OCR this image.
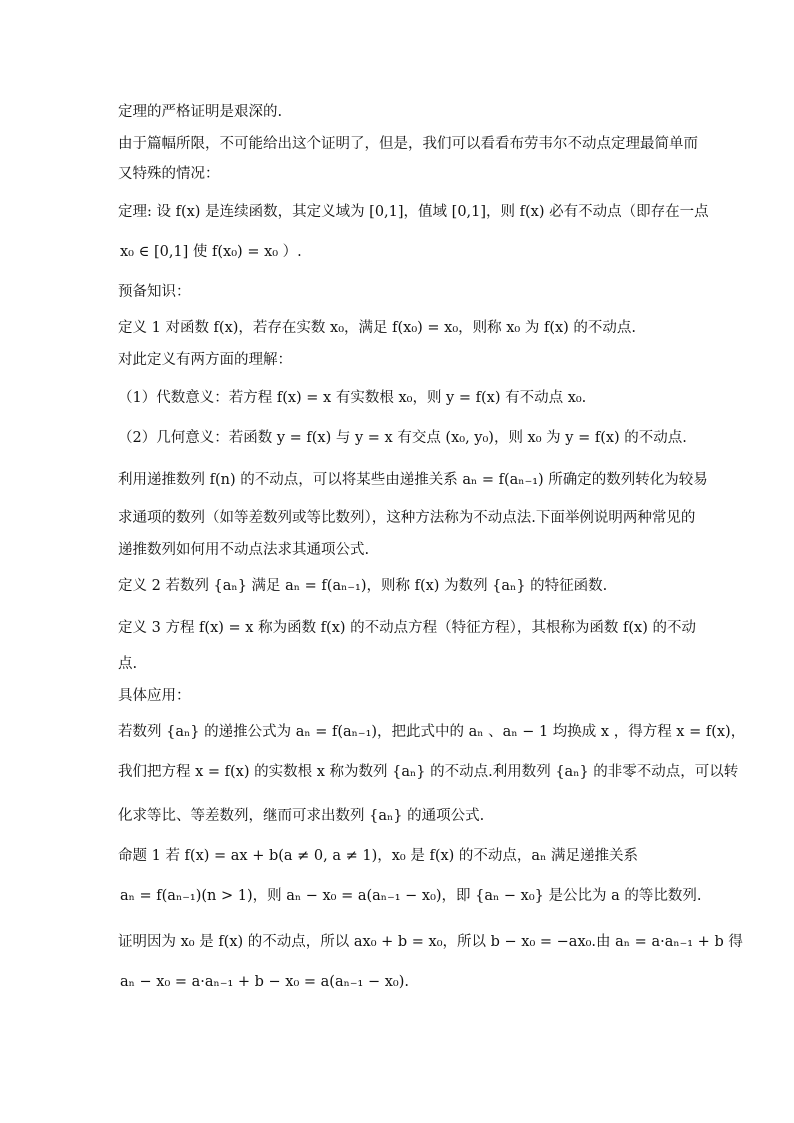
定理的严格证明是艰深的.
由于篇幅所限，不可能给出这个证明了，但是，我们可以看看布劳韦尔不动点定理最简单而
又特殊的情况：
定理: 设 f(x) 是连续函数，其定义域为 [0,1]，值域 [0,1]，则 f(x) 必有不动点（即存在一点
x₀ ∈ [0,1] 使 f(x₀) = x₀ ）.
预备知识：
定义 1 对函数 f(x)，若存在实数 x₀，满足 f(x₀) = x₀，则称 x₀ 为 f(x) 的不动点.
对此定义有两方面的理解：
（1）代数意义：若方程 f(x) = x 有实数根 x₀，则 y = f(x) 有不动点 x₀.
（2）几何意义：若函数 y = f(x) 与 y = x 有交点 (x₀, y₀)，则 x₀ 为 y = f(x) 的不动点.
利用递推数列 f(n) 的不动点，可以将某些由递推关系 aₙ = f(aₙ₋₁) 所确定的数列转化为较易
求通项的数列（如等差数列或等比数列），这种方法称为不动点法.下面举例说明两种常见的
递推数列如何用不动点法求其通项公式.
定义 2 若数列 {aₙ} 满足 aₙ = f(aₙ₋₁)，则称 f(x) 为数列 {aₙ} 的特征函数.
定义 3 方程 f(x) = x 称为函数 f(x) 的不动点方程（特征方程），其根称为函数 f(x) 的不动
点.
具体应用：
若数列 {aₙ} 的递推公式为 aₙ = f(aₙ₋₁)，把此式中的 aₙ 、aₙ − 1 均换成 x ，得方程 x = f(x)，
我们把方程 x = f(x) 的实数根 x 称为数列 {aₙ} 的不动点.利用数列 {aₙ} 的非零不动点，可以转
化求等比、等差数列，继而可求出数列 {aₙ} 的通项公式.
命题 1 若 f(x) = ax + b(a ≠ 0, a ≠ 1)，x₀ 是 f(x) 的不动点，aₙ 满足递推关系
aₙ = f(aₙ₋₁)(n > 1)，则 aₙ − x₀ = a(aₙ₋₁ − x₀)，即 {aₙ − x₀} 是公比为 a 的等比数列.
证明因为 x₀ 是 f(x) 的不动点，所以 ax₀ + b = x₀，所以 b − x₀ = −ax₀.由 aₙ = a·aₙ₋₁ + b 得
aₙ − x₀ = a·aₙ₋₁ + b − x₀ = a(aₙ₋₁ − x₀).
